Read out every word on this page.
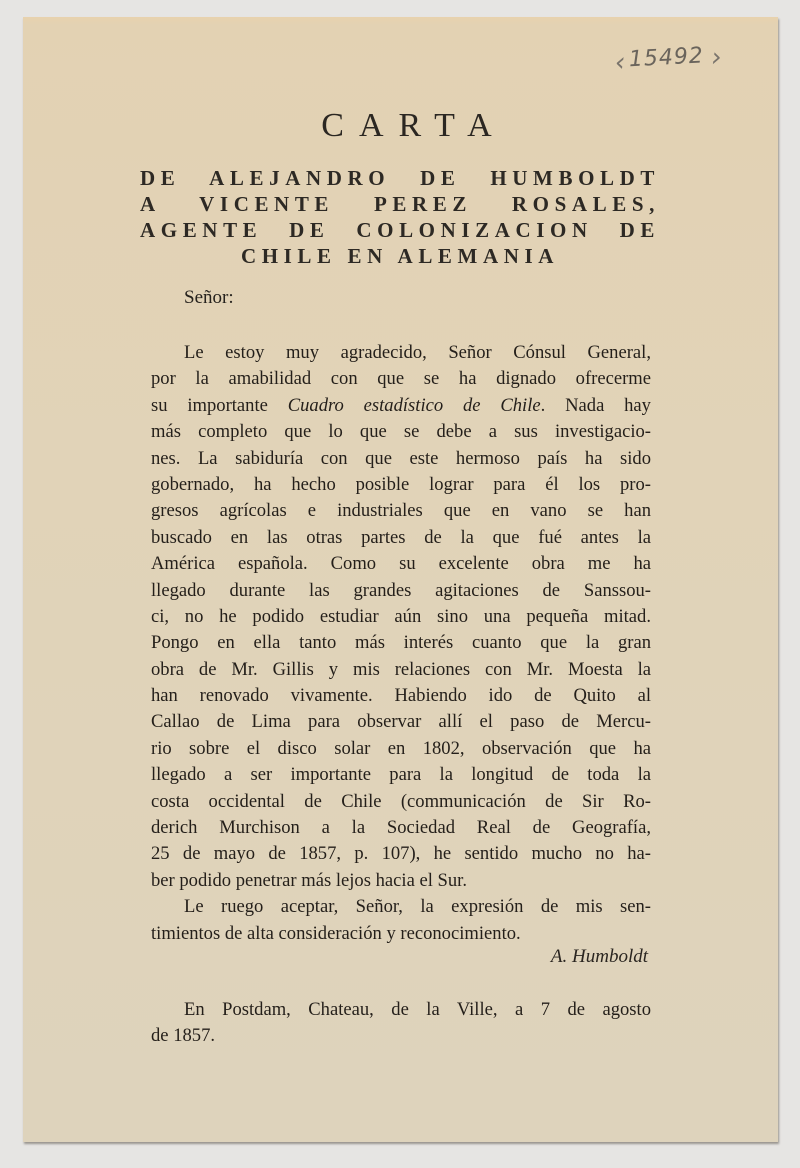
‹ 15492 ›
CARTA
DE ALEJANDRO DE HUMBOLDT
A VICENTE PEREZ ROSALES,
AGENTE DE COLONIZACION DE
CHILE EN ALEMANIA
Señor:
Le estoy muy agradecido, Señor Cónsul General,
por la amabilidad con que se ha dignado ofrecerme
su importante Cuadro estadístico de Chile. Nada hay
más completo que lo que se debe a sus investigacio-
nes. La sabiduría con que este hermoso país ha sido
gobernado, ha hecho posible lograr para él los pro-
gresos agrícolas e industriales que en vano se han
buscado en las otras partes de la que fué antes la
América española. Como su excelente obra me ha
llegado durante las grandes agitaciones de Sanssou-
ci, no he podido estudiar aún sino una pequeña mitad.
Pongo en ella tanto más interés cuanto que la gran
obra de Mr. Gillis y mis relaciones con Mr. Moesta la
han renovado vivamente. Habiendo ido de Quito al
Callao de Lima para observar allí el paso de Mercu-
rio sobre el disco solar en 1802, observación que ha
llegado a ser importante para la longitud de toda la
costa occidental de Chile (communicación de Sir Ro-
derich Murchison a la Sociedad Real de Geografía,
25 de mayo de 1857, p. 107), he sentido mucho no ha-
ber podido penetrar más lejos hacia el Sur.
Le ruego aceptar, Señor, la expresión de mis sen-
timientos de alta consideración y reconocimiento.
A. Humboldt
En Postdam, Chateau, de la Ville, a 7 de agosto
de 1857.
